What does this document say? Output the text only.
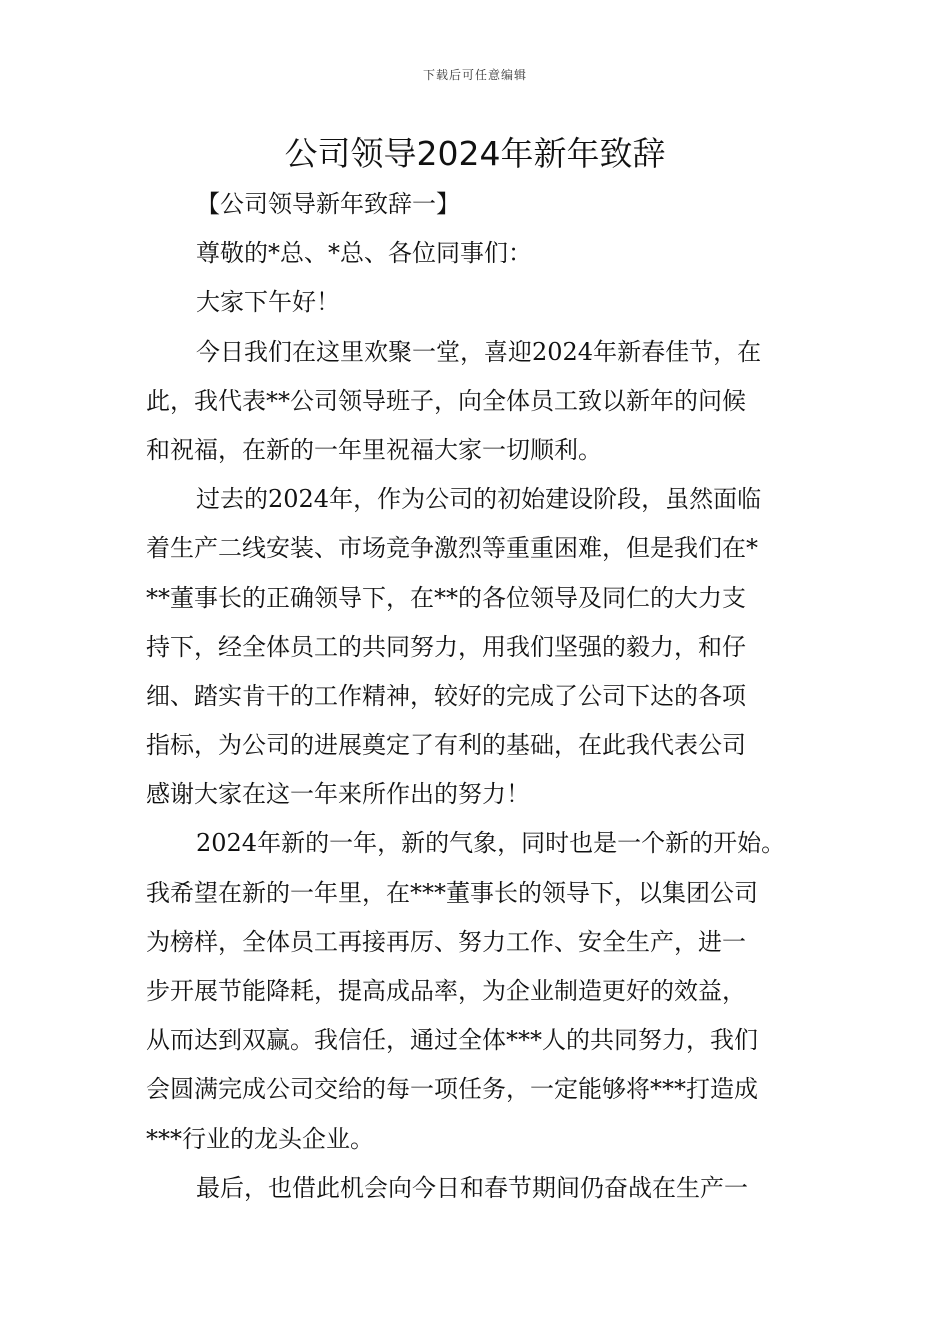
下载后可任意编辑
公司领导2024年新年致辞
【公司领导新年致辞一】
尊敬的*总、*总、各位同事们：
大家下午好！
今日我们在这里欢聚一堂，喜迎2024年新春佳节，在
此，我代表**公司领导班子，向全体员工致以新年的问候
和祝福，在新的一年里祝福大家一切顺利。
过去的2024年，作为公司的初始建设阶段，虽然面临
着生产二线安装、市场竞争激烈等重重困难，但是我们在*
**董事长的正确领导下，在**的各位领导及同仁的大力支
持下，经全体员工的共同努力，用我们坚强的毅力，和仔
细、踏实肯干的工作精神，较好的完成了公司下达的各项
指标，为公司的进展奠定了有利的基础，在此我代表公司
感谢大家在这一年来所作出的努力！
2024年新的一年，新的气象，同时也是一个新的开始。
我希望在新的一年里，在***董事长的领导下，以集团公司
为榜样，全体员工再接再厉、努力工作、安全生产，进一
步开展节能降耗，提高成品率，为企业制造更好的效益，
从而达到双赢。我信任，通过全体***人的共同努力，我们
会圆满完成公司交给的每一项任务，一定能够将***打造成
***行业的龙头企业。
最后，也借此机会向今日和春节期间仍奋战在生产一
